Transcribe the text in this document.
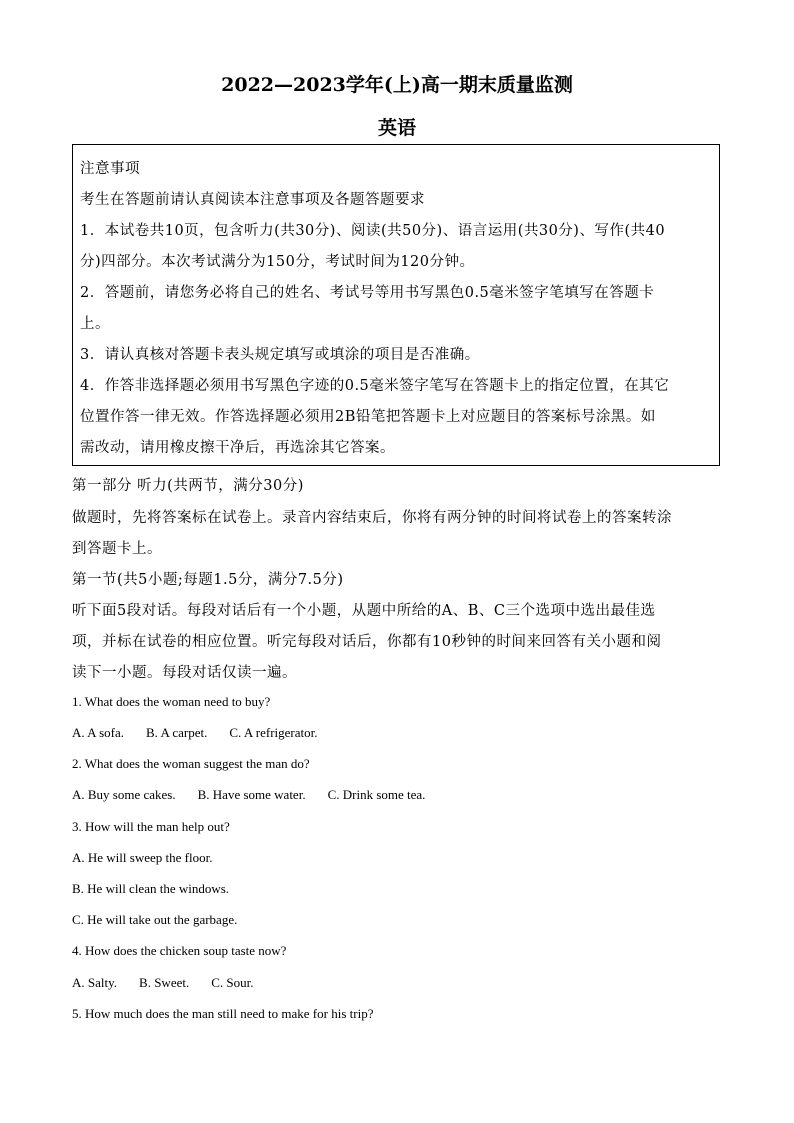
2022—2023学年(上)高一期末质量监测
英语
注意事项
考生在答题前请认真阅读本注意事项及各题答题要求
1．本试卷共10页，包含听力(共30分)、阅读(共50分)、语言运用(共30分)、写作(共40
分)四部分。本次考试满分为150分，考试时间为120分钟。
2．答题前，请您务必将自己的姓名、考试号等用书写黑色0.5毫米签字笔填写在答题卡
上。
3．请认真核对答题卡表头规定填写或填涂的项目是否准确。
4．作答非选择题必须用书写黑色字迹的0.5毫米签字笔写在答题卡上的指定位置，在其它
位置作答一律无效。作答选择题必须用2B铅笔把答题卡上对应题目的答案标号涂黑。如
需改动，请用橡皮擦干净后，再选涂其它答案。
第一部分 听力(共两节，满分30分)
做题时，先将答案标在试卷上。录音内容结束后，你将有两分钟的时间将试卷上的答案转涂
到答题卡上。
第一节(共5小题;每题1.5分，满分7.5分)
听下面5段对话。每段对话后有一个小题，从题中所给的A、B、C三个选项中选出最佳选
项，并标在试卷的相应位置。听完每段对话后，你都有10秒钟的时间来回答有关小题和阅
读下一小题。每段对话仅读一遍。
1. What does the woman need to buy?
A. A sofa. B. A carpet. C. A refrigerator.
2. What does the woman suggest the man do?
A. Buy some cakes. B. Have some water. C. Drink some tea.
3. How will the man help out?
A. He will sweep the floor.
B. He will clean the windows.
C. He will take out the garbage.
4. How does the chicken soup taste now?
A. Salty. B. Sweet. C. Sour.
5. How much does the man still need to make for his trip?
